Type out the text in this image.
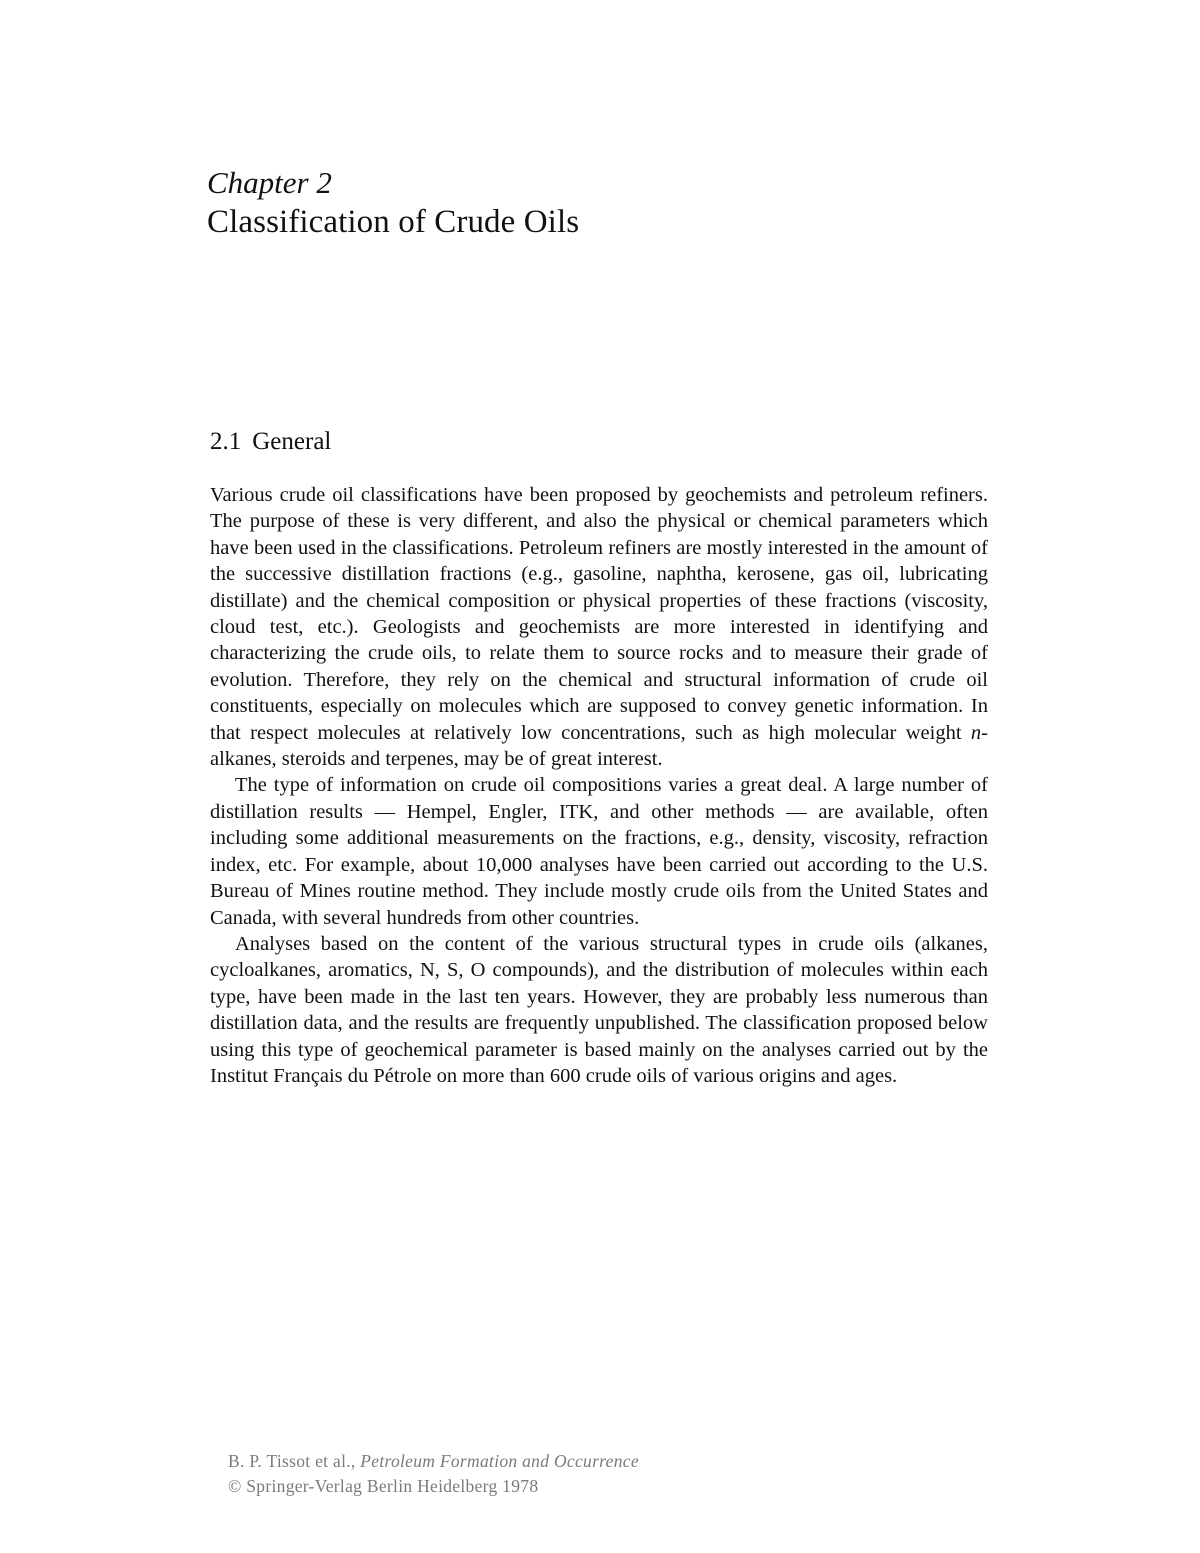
Chapter 2
Classification of Crude Oils
2.1 General

Various crude oil classifications have been proposed by geochemists and petroleum refiners. The purpose of these is very different, and also the physical or chemical parameters which have been used in the classifications. Petroleum refiners are mostly interested in the amount of the successive distillation fractions (e.g., gasoline, naphtha, kerosene, gas oil, lubricating distillate) and the chemical composition or physical properties of these fractions (viscosity, cloud test, etc.). Geologists and geochemists are more interested in identifying and characterizing the crude oils, to relate them to source rocks and to measure their grade of evolution. Therefore, they rely on the chemical and structural information of crude oil constituents, especially on molecules which are supposed to convey genetic information. In that respect molecules at relatively low concentrations, such as high molecular weight n-alkanes, steroids and terpenes, may be of great interest.

The type of information on crude oil compositions varies a great deal. A large number of distillation results — Hempel, Engler, ITK, and other methods — are available, often including some additional measurements on the fractions, e.g., density, viscosity, refraction index, etc. For example, about 10,000 analyses have been carried out according to the U.S. Bureau of Mines routine method. They include mostly crude oils from the United States and Canada, with several hundreds from other countries.

Analyses based on the content of the various structural types in crude oils (alkanes, cycloalkanes, aromatics, N, S, O compounds), and the distribution of molecules within each type, have been made in the last ten years. However, they are probably less numerous than distillation data, and the results are frequently unpublished. The classification proposed below using this type of geochemical parameter is based mainly on the analyses carried out by the Institut Français du Pétrole on more than 600 crude oils of various origins and ages.

B. P. Tissot et al., Petroleum Formation and Occurrence
© Springer-Verlag Berlin Heidelberg 1978
